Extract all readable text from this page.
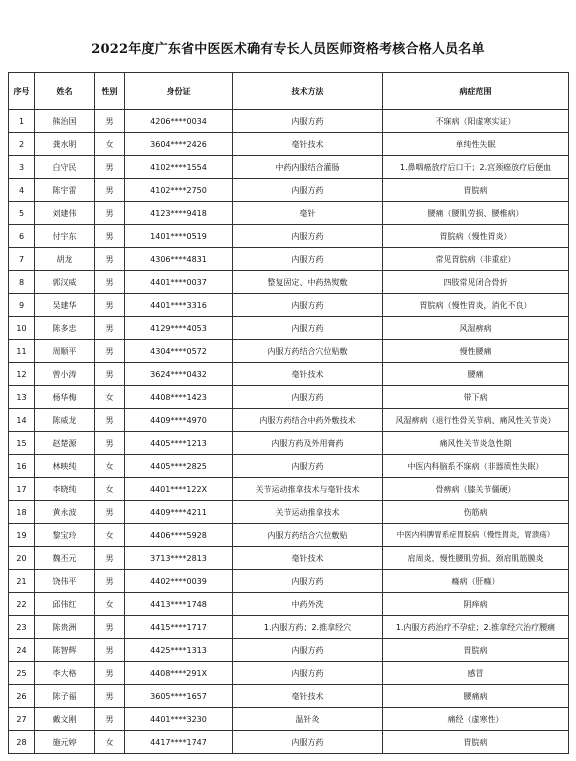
2022年度广东省中医医术确有专长人员医师资格考核合格人员名单
序号	姓名	性别	身份证	技术方法	病症范围
1	熊治国	男	4206****0034	内服方药	不寐病（阳虚寒实证）
2	龚水明	女	3604****2426	毫针技术	单纯性失眠
3	白守民	男	4102****1554	中药内服结合灌肠	1.鼻咽癌放疗后口干；2.宫颈癌放疗后便血
4	陈宇雷	男	4102****2750	内服方药	胃脘病
5	刘建伟	男	4123****9418	毫针	腰痛（腰肌劳损、腰椎病）
6	付宇东	男	1401****0519	内服方药	胃脘病（慢性胃炎）
7	胡龙	男	4306****4831	内服方药	常见胃脘病（非重症）
8	郭汉威	男	4401****0037	整复固定、中药热熨敷	四肢常见闭合骨折
9	吴建华	男	4401****3316	内服方药	胃脘病（慢性胃炎，消化不良）
10	陈多忠	男	4129****4053	内服方药	风湿痹病
11	周顺平	男	4304****0572	内服方药结合穴位贴敷	慢性腰痛
12	曾小涛	男	3624****0432	毫针技术	腰痛
13	杨华梅	女	4408****1423	内服方药	带下病
14	陈威龙	男	4409****4970	内服方药结合中药外敷技术	风湿痹病（退行性骨关节病、痛风性关节炎）
15	赵楚源	男	4405****1213	内服方药及外用膏药	痛风性关节炎急性期
16	林映纯	女	4405****2825	内服方药	中医内科脑系不寐病（非器质性失眠）
17	李晓纯	女	4401****122X	关节运动推拿技术与毫针技术	骨痹病（膝关节僵硬）
18	黄永波	男	4409****4211	关节运动推拿技术	伤筋病
19	黎宝玲	女	4406****5928	内服方药结合穴位敷贴	中医内科脾胃系症胃脘病（慢性胃炎，胃溃疡）
20	魏丕元	男	3713****2813	毫针技术	肩周炎、慢性腰肌劳损、颈肩肌筋膜炎
21	饶伟平	男	4402****0039	内服方药	癃病（肝癃）
22	邱伟红	女	4413****1748	中药外洗	阴痒病
23	陈贵洲	男	4415****1717	1.内服方药；2.推拿经穴	1.内服方药治疗不孕症；2.推拿经穴治疗腰痛
24	陈智辉	男	4425****1313	内服方药	胃脘病
25	李大格	男	4408****291X	内服方药	感冒
26	陈子福	男	3605****1657	毫针技术	腰痛病
27	戴文刚	男	4401****3230	温针灸	痛经（虚寒性）
28	施元婷	女	4417****1747	内服方药	胃脘病
